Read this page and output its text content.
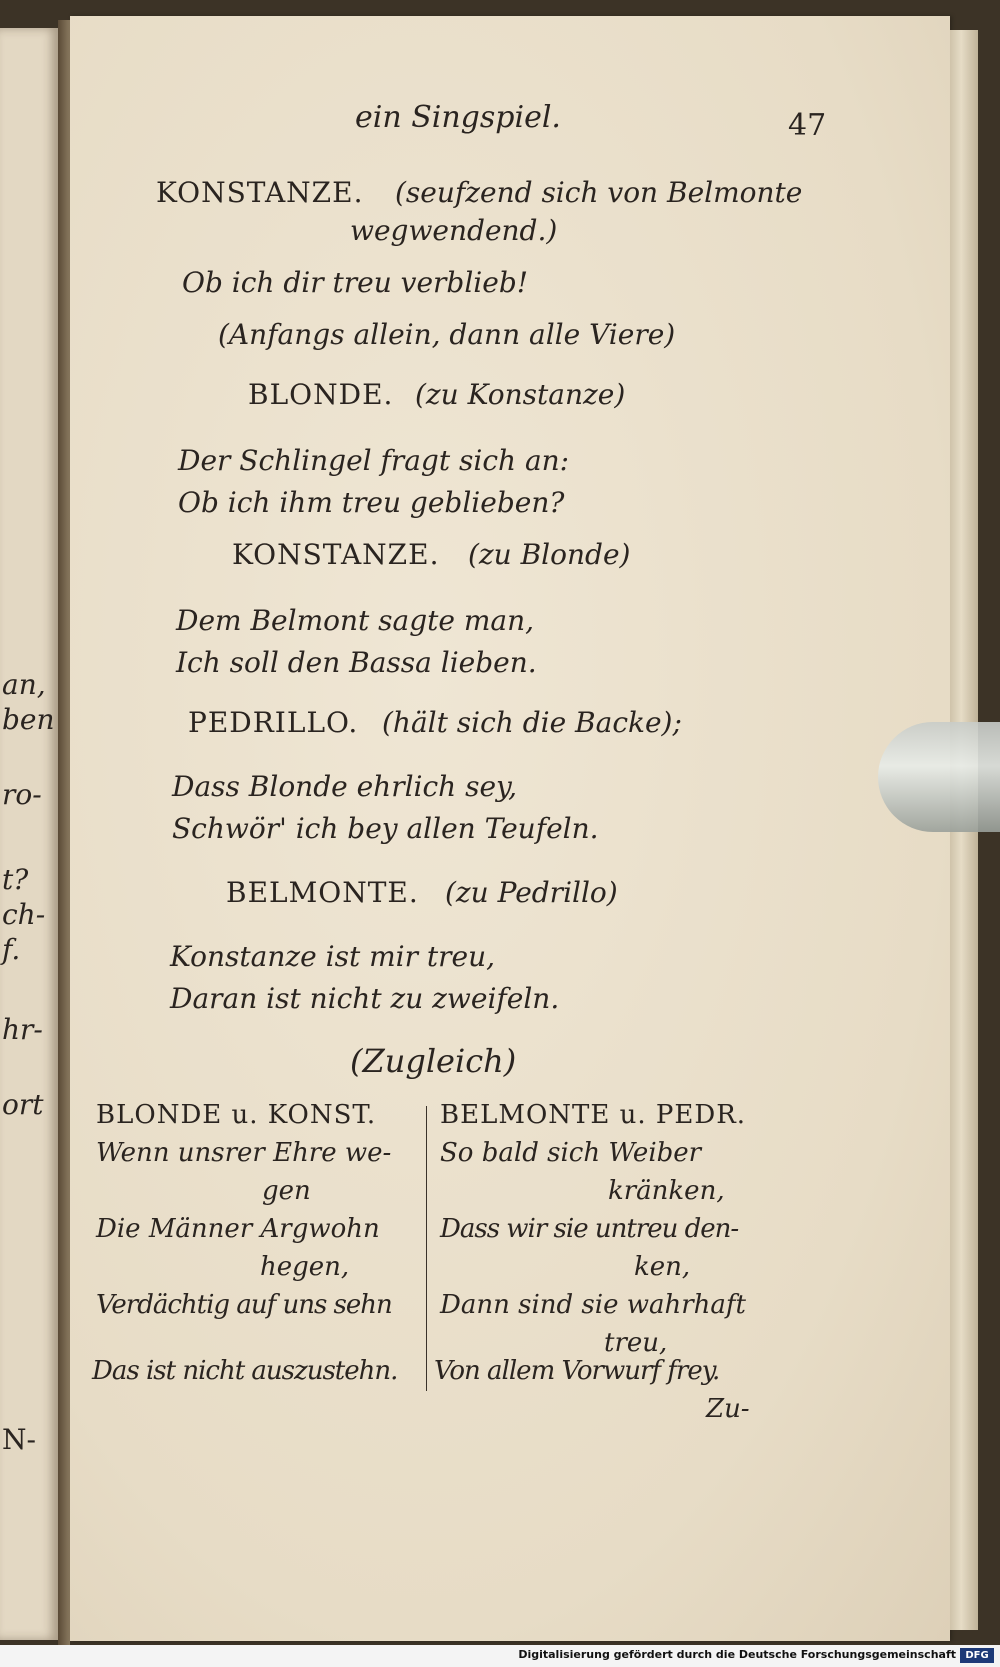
an,
ben
ro-
t?
ch-
f.
hr-
ort
N-
ein Singspiel.	47
KONSTANZE. (seufzend sich von Belmonte
wegwendend.)
Ob ich dir treu verblieb!
(Anfangs allein, dann alle Viere)
BLONDE. (zu Konstanze)
Der Schlingel fragt sich an:
Ob ich ihm treu geblieben?
KONSTANZE. (zu Blonde)
Dem Belmont sagte man,
Ich soll den Bassa lieben.
PEDRILLO. (hält sich die Backe);
Dass Blonde ehrlich sey,
Schwör' ich bey allen Teufeln.
BELMONTE. (zu Pedrillo)
Konstanze ist mir treu,
Daran ist nicht zu zweifeln.
(Zugleich)
BLONDE u. KONST.
Wenn unsrer Ehre we-
gen
Die Männer Argwohn
hegen,
Verdächtig auf uns sehn
Das ist nicht auszustehn.
BELMONTE u. PEDR.
So bald sich Weiber
kränken,
Dass wir sie untreu den-
ken,
Dann sind sie wahrhaft
treu,
Von allem Vorwurf frey.
Zu-
Digitalisierung gefördert durch die Deutsche Forschungsgemeinschaft DFG
